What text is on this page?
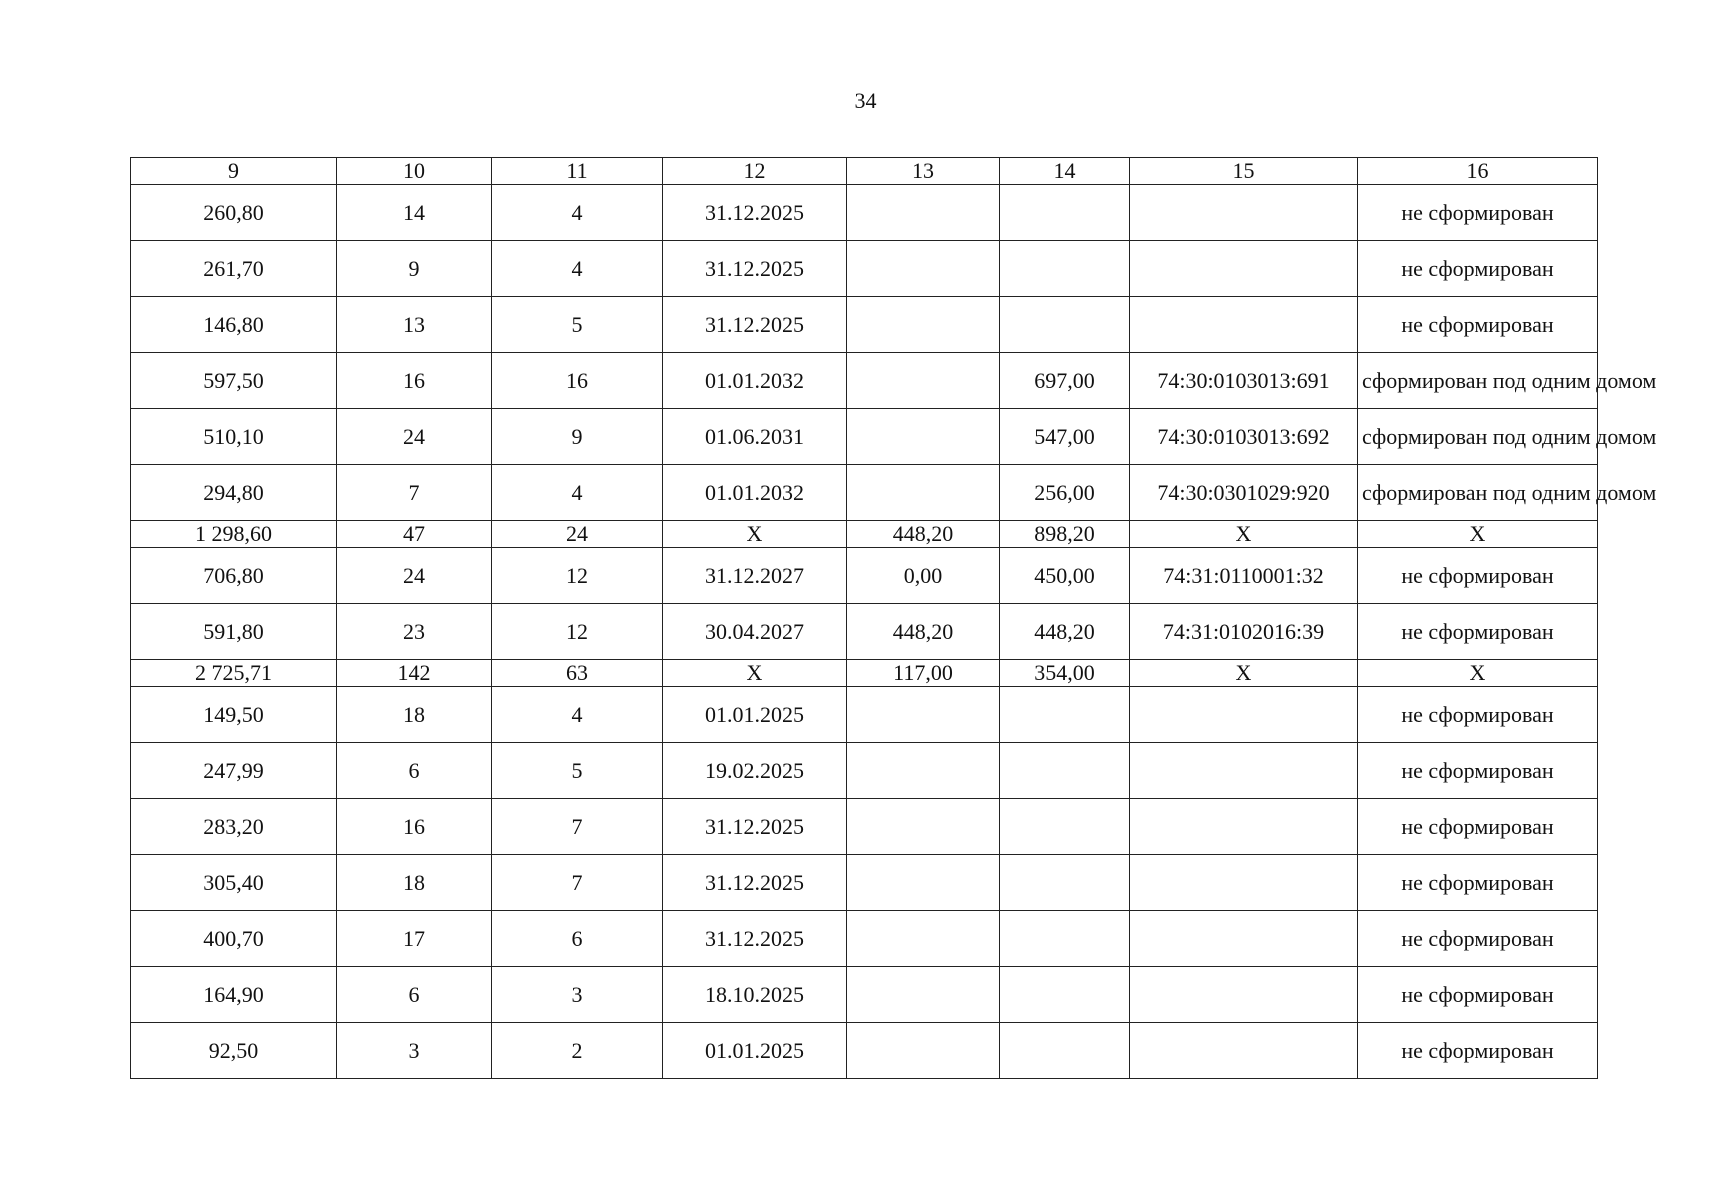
34
9	10	11	12	13	14	15	16
260,80	14	4	31.12.2025				не сформирован
261,70	9	4	31.12.2025				не сформирован
146,80	13	5	31.12.2025				не сформирован
597,50	16	16	01.01.2032		697,00	74:30:0103013:691	сформирован под одним домом
510,10	24	9	01.06.2031		547,00	74:30:0103013:692	сформирован под одним домом
294,80	7	4	01.01.2032		256,00	74:30:0301029:920	сформирован под одним домом
1 298,60	47	24	X	448,20	898,20	X	X
706,80	24	12	31.12.2027	0,00	450,00	74:31:0110001:32	не сформирован
591,80	23	12	30.04.2027	448,20	448,20	74:31:0102016:39	не сформирован
2 725,71	142	63	X	117,00	354,00	X	X
149,50	18	4	01.01.2025				не сформирован
247,99	6	5	19.02.2025				не сформирован
283,20	16	7	31.12.2025				не сформирован
305,40	18	7	31.12.2025				не сформирован
400,70	17	6	31.12.2025				не сформирован
164,90	6	3	18.10.2025				не сформирован
92,50	3	2	01.01.2025				не сформирован
